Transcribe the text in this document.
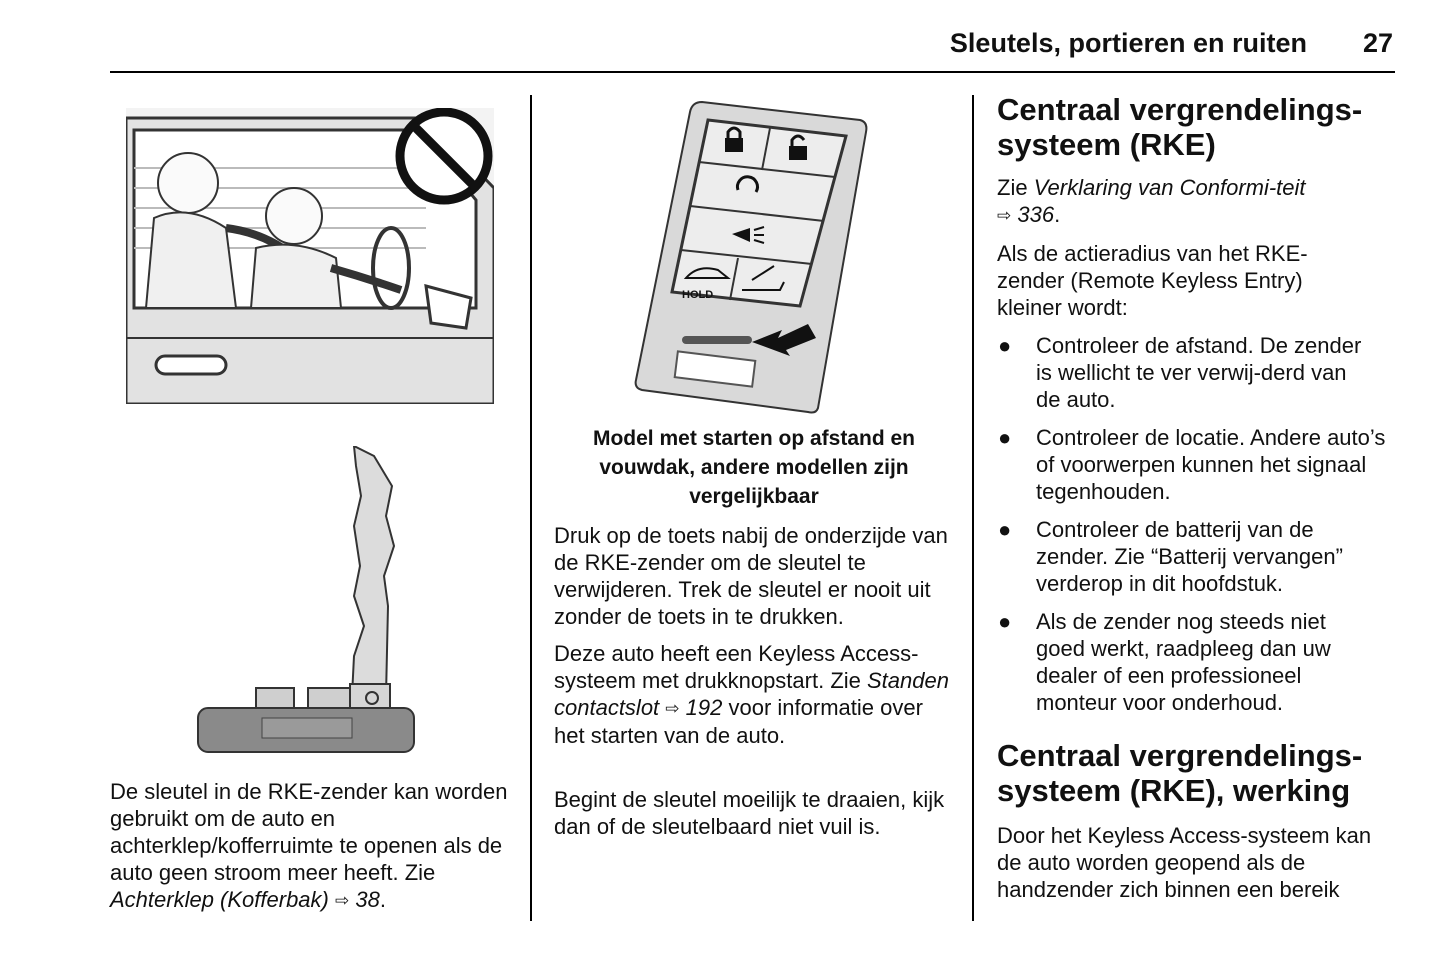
Sleutels, portieren en ruiten 27
De sleutel in de RKE-zender kan worden gebruikt om de auto en achterklep/kofferruimte te openen als de auto geen stroom meer heeft. Zie Achterklep (Kofferbak) ⇨ 38.
HOLD
Model met starten op afstand en vouwdak, andere modellen zijn vergelijkbaar

Druk op de toets nabij de onderzijde van de RKE-zender om de sleutel te verwijderen. Trek de sleutel er nooit uit zonder de toets in te drukken.

Deze auto heeft een Keyless Access-systeem met drukknopstart. Zie Standen contactslot ⇨ 192 voor informatie over het starten van de auto.

Begint de sleutel moeilijk te draaien, kijk dan of de sleutelbaard niet vuil is.

Centraal vergrendelings-systeem (RKE)
Zie Verklaring van Conformi-teit ⇨ 336.

Als de actieradius van het RKE-zender (Remote Keyless Entry) kleiner wordt:

● Controleer de afstand. De zender is wellicht te ver verwij-derd van de auto.
● Controleer de locatie. Andere auto’s of voorwerpen kunnen het signaal tegenhouden.
● Controleer de batterij van de zender. Zie “Batterij vervangen” verderop in dit hoofdstuk.
● Als de zender nog steeds niet goed werkt, raadpleeg dan uw dealer of een professioneel monteur voor onderhoud.
Centraal vergrendelings-systeem (RKE), werking

Door het Keyless Access-systeem kan de auto worden geopend als de handzender zich binnen een bereik
